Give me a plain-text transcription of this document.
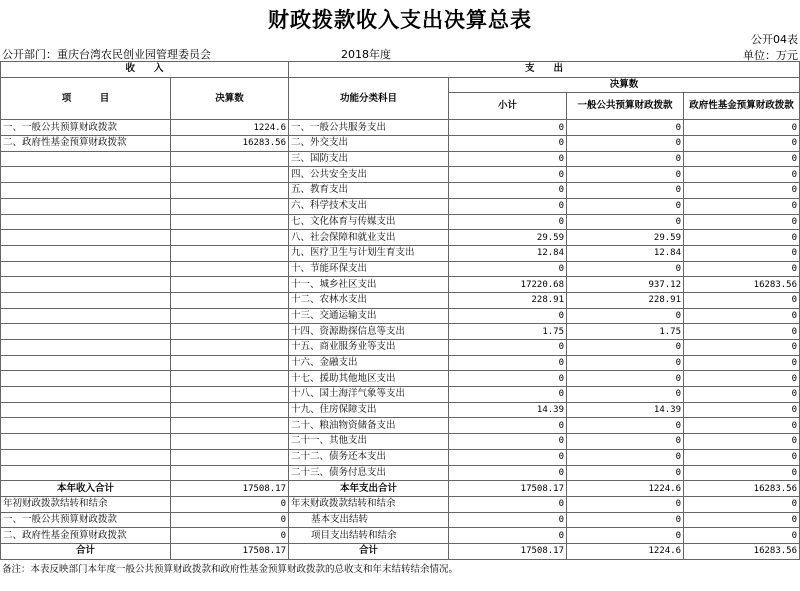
财政拨款收入支出决算总表
公开04表
公开部门：重庆台湾农民创业园管理委员会	2018年度	单位：万元
收　　入		支　　出			
项　　　目	决算数	功能分类科目	决算数		
			小计	一般公共预算财政拨款	政府性基金预算财政拨款
一、一般公共预算财政拨款	1224.6	一、一般公共服务支出	0	0	0
二、政府性基金预算财政拨款	16283.56	二、外交支出	0	0	0
		三、国防支出	0	0	0
		四、公共安全支出	0	0	0
		五、教育支出	0	0	0
		六、科学技术支出	0	0	0
		七、文化体育与传媒支出	0	0	0
		八、社会保障和就业支出	29.59	29.59	0
		九、医疗卫生与计划生育支出	12.84	12.84	0
		十、节能环保支出	0	0	0
		十一、城乡社区支出	17220.68	937.12	16283.56
		十二、农林水支出	228.91	228.91	0
		十三、交通运输支出	0	0	0
		十四、资源勘探信息等支出	1.75	1.75	0
		十五、商业服务业等支出	0	0	0
		十六、金融支出	0	0	0
		十七、援助其他地区支出	0	0	0
		十八、国土海洋气象等支出	0	0	0
		十九、住房保障支出	14.39	14.39	0
		二十、粮油物资储备支出	0	0	0
		二十一、其他支出	0	0	0
		二十二、债务还本支出	0	0	0
		二十三、债务付息支出	0	0	0
本年收入合计	17508.17	本年支出合计	17508.17	1224.6	16283.56
年初财政拨款结转和结余	0	年末财政拨款结转和结余	0	0	0
一、一般公共预算财政拨款	0	基本支出结转	0	0	0
二、政府性基金预算财政拨款	0	项目支出结转和结余	0	0	0
合计	17508.17	合计	17508.17	1224.6	16283.56
备注：本表反映部门本年度一般公共预算财政拨款和政府性基金预算财政拨款的总收支和年末结转结余情况。
